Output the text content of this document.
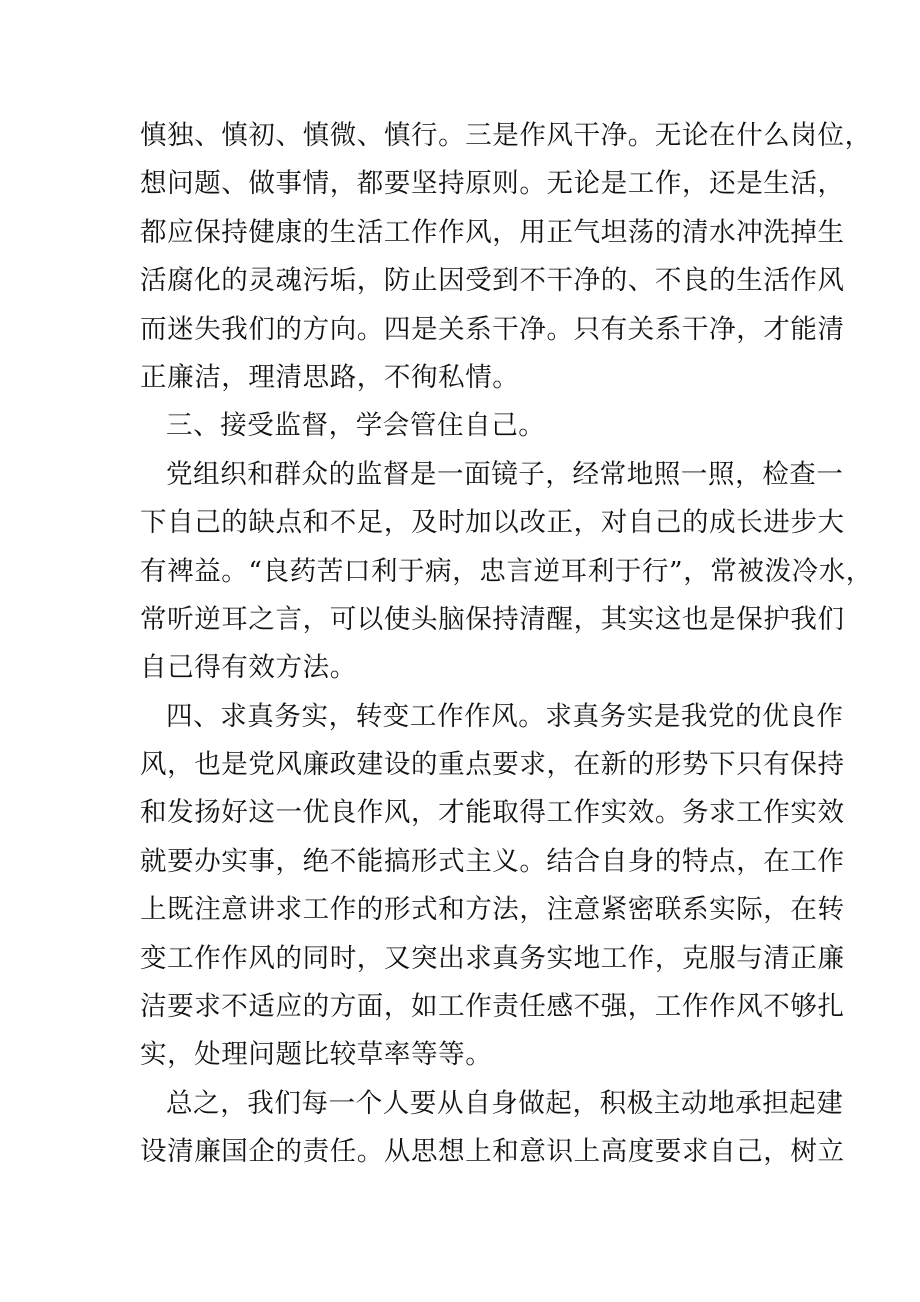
慎独、慎初、慎微、慎行。三是作风干净。无论在什么岗位，
想问题、做事情，都要坚持原则。无论是工作，还是生活，
都应保持健康的生活工作作风，用正气坦荡的清水冲洗掉生
活腐化的灵魂污垢，防止因受到不干净的、不良的生活作风
而迷失我们的方向。四是关系干净。只有关系干净，才能清
正廉洁，理清思路，不徇私情。
三、接受监督，学会管住自己。
党组织和群众的监督是一面镜子，经常地照一照，检查一
下自己的缺点和不足，及时加以改正，对自己的成长进步大
有裨益。“良药苦口利于病，忠言逆耳利于行”，常被泼冷水，
常听逆耳之言，可以使头脑保持清醒，其实这也是保护我们
自己得有效方法。
四、求真务实，转变工作作风。求真务实是我党的优良作
风，也是党风廉政建设的重点要求，在新的形势下只有保持
和发扬好这一优良作风，才能取得工作实效。务求工作实效
就要办实事，绝不能搞形式主义。结合自身的特点，在工作
上既注意讲求工作的形式和方法，注意紧密联系实际，在转
变工作作风的同时，又突出求真务实地工作，克服与清正廉
洁要求不适应的方面，如工作责任感不强，工作作风不够扎
实，处理问题比较草率等等。
总之，我们每一个人要从自身做起，积极主动地承担起建
设清廉国企的责任。从思想上和意识上高度要求自己，树立
